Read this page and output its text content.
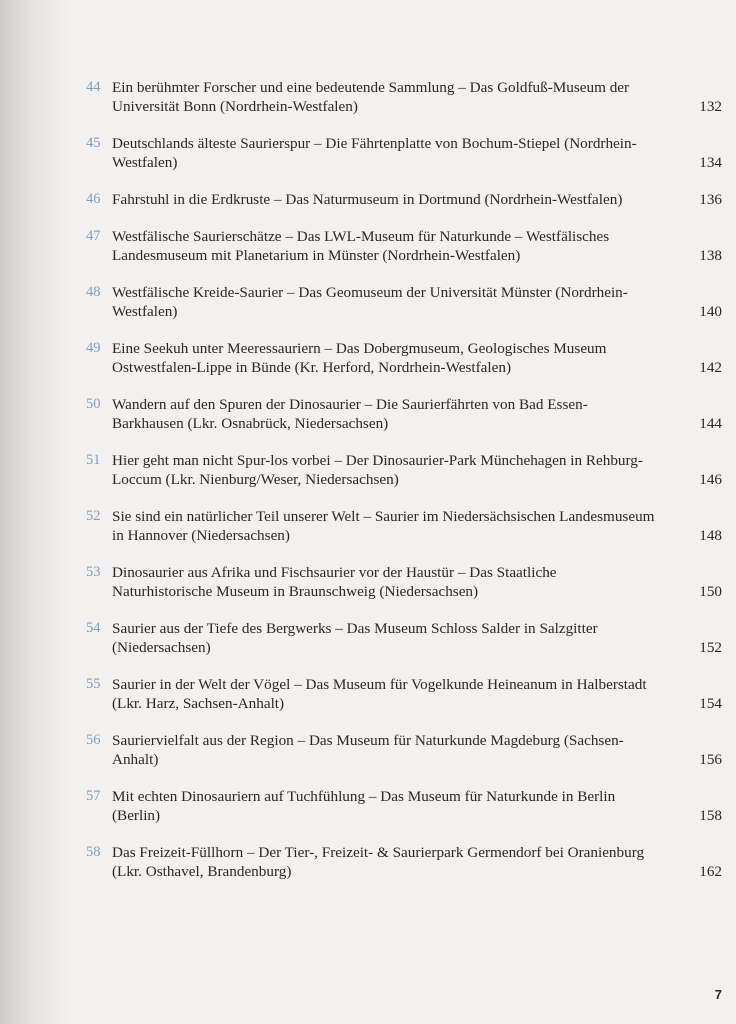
44 Ein berühmter Forscher und eine bedeutende Sammlung – Das Goldfuß-Museum der Universität Bonn (Nordrhein-Westfalen)	132
45 Deutschlands älteste Saurierspur – Die Fährtenplatte von Bochum-Stiepel (Nordrhein-Westfalen)	134
46 Fahrstuhl in die Erdkruste – Das Naturmuseum in Dortmund (Nordrhein-Westfalen)	136
47 Westfälische Saurierschätze – Das LWL-Museum für Naturkunde – Westfälisches Landesmuseum mit Planetarium in Münster (Nordrhein-Westfalen)	138
48 Westfälische Kreide-Saurier – Das Geomuseum der Universität Münster (Nordrhein-Westfalen)	140
49 Eine Seekuh unter Meeressauriern – Das Dobergmuseum, Geologisches Museum Ostwestfalen-Lippe in Bünde (Kr. Herford, Nordrhein-Westfalen)	142
50 Wandern auf den Spuren der Dinosaurier – Die Saurierfährten von Bad Essen-Barkhausen (Lkr. Osnabrück, Niedersachsen)	144
51 Hier geht man nicht Spur-los vorbei – Der Dinosaurier-Park Münchehagen in Rehburg-Loccum (Lkr. Nienburg/Weser, Niedersachsen)	146
52 Sie sind ein natürlicher Teil unserer Welt – Saurier im Niedersächsischen Landesmuseum in Hannover (Niedersachsen)	148
53 Dinosaurier aus Afrika und Fischsaurier vor der Haustür – Das Staatliche Naturhistorische Museum in Braunschweig (Niedersachsen)	150
54 Saurier aus der Tiefe des Bergwerks – Das Museum Schloss Salder in Salzgitter (Niedersachsen)	152
55 Saurier in der Welt der Vögel – Das Museum für Vogelkunde Heineanum in Halberstadt (Lkr. Harz, Sachsen-Anhalt)	154
56 Sauriervielfalt aus der Region – Das Museum für Naturkunde Magdeburg (Sachsen-Anhalt)	156
57 Mit echten Dinosauriern auf Tuchfühlung – Das Museum für Naturkunde in Berlin (Berlin)	158
58 Das Freizeit-Füllhorn – Der Tier-, Freizeit- & Saurierpark Germendorf bei Oranienburg (Lkr. Osthavel, Brandenburg)	162
7
